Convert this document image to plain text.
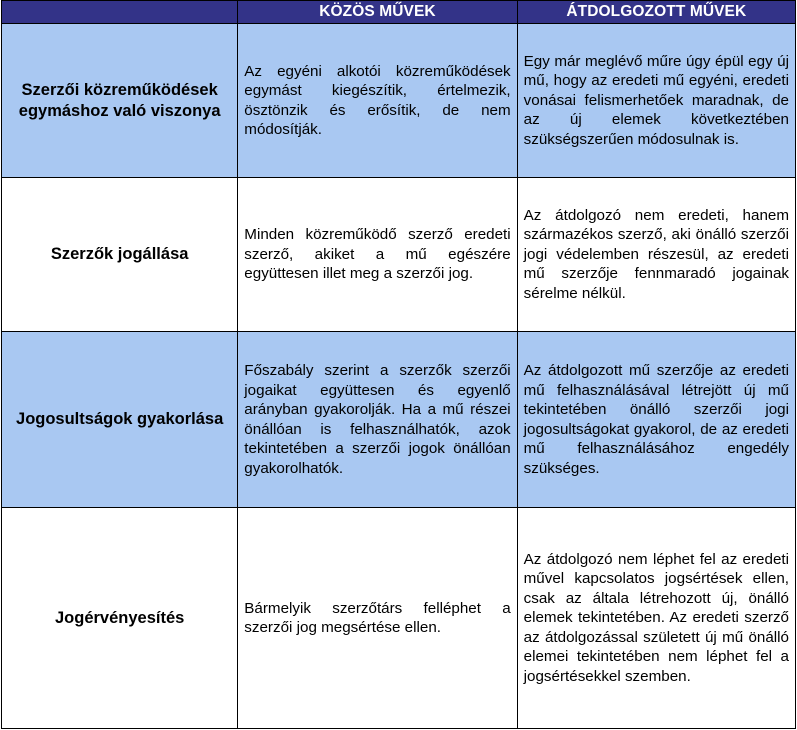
	KÖZÖS MŰVEK	ÁTDOLGOZOTT MŰVEK
Szerzői közreműködések egymáshoz való viszonya	Az egyéni alkotói közreműködések egymást kiegészítik, értelmezik, ösztönzik és erősítik, de nem módosítják.	Egy már meglévő műre úgy épül egy új mű, hogy az eredeti mű egyéni, eredeti vonásai felismerhetőek maradnak, de az új elemek következtében szükségszerűen módosulnak is.
Szerzők jogállása	Minden közreműködő szerző eredeti szerző, akiket a mű egészére együttesen illet meg a szerzői jog.	Az átdolgozó nem eredeti, hanem származékos szerző, aki önálló szerzői jogi védelemben részesül, az eredeti mű szerzője fennmaradó jogainak sérelme nélkül.
Jogosultságok gyakorlása	Főszabály szerint a szerzők szerzői jogaikat együttesen és egyenlő arányban gyakorolják. Ha a mű részei önállóan is felhasználhatók, azok tekintetében a szerzői jogok önállóan gyakorolhatók.	Az átdolgozott mű szerzője az eredeti mű felhasználásával létrejött új mű tekintetében önálló szerzői jogi jogosultságokat gyakorol, de az eredeti mű felhasználásához engedély szükséges.
Jogérvényesítés	Bármelyik szerzőtárs felléphet a szerzői jog megsértése ellen.	Az átdolgozó nem léphet fel az eredeti művel kapcsolatos jogsértések ellen, csak az általa létrehozott új, önálló elemek tekintetében. Az eredeti szerző az átdolgozással született új mű önálló elemei tekintetében nem léphet fel a jogsértésekkel szemben.
